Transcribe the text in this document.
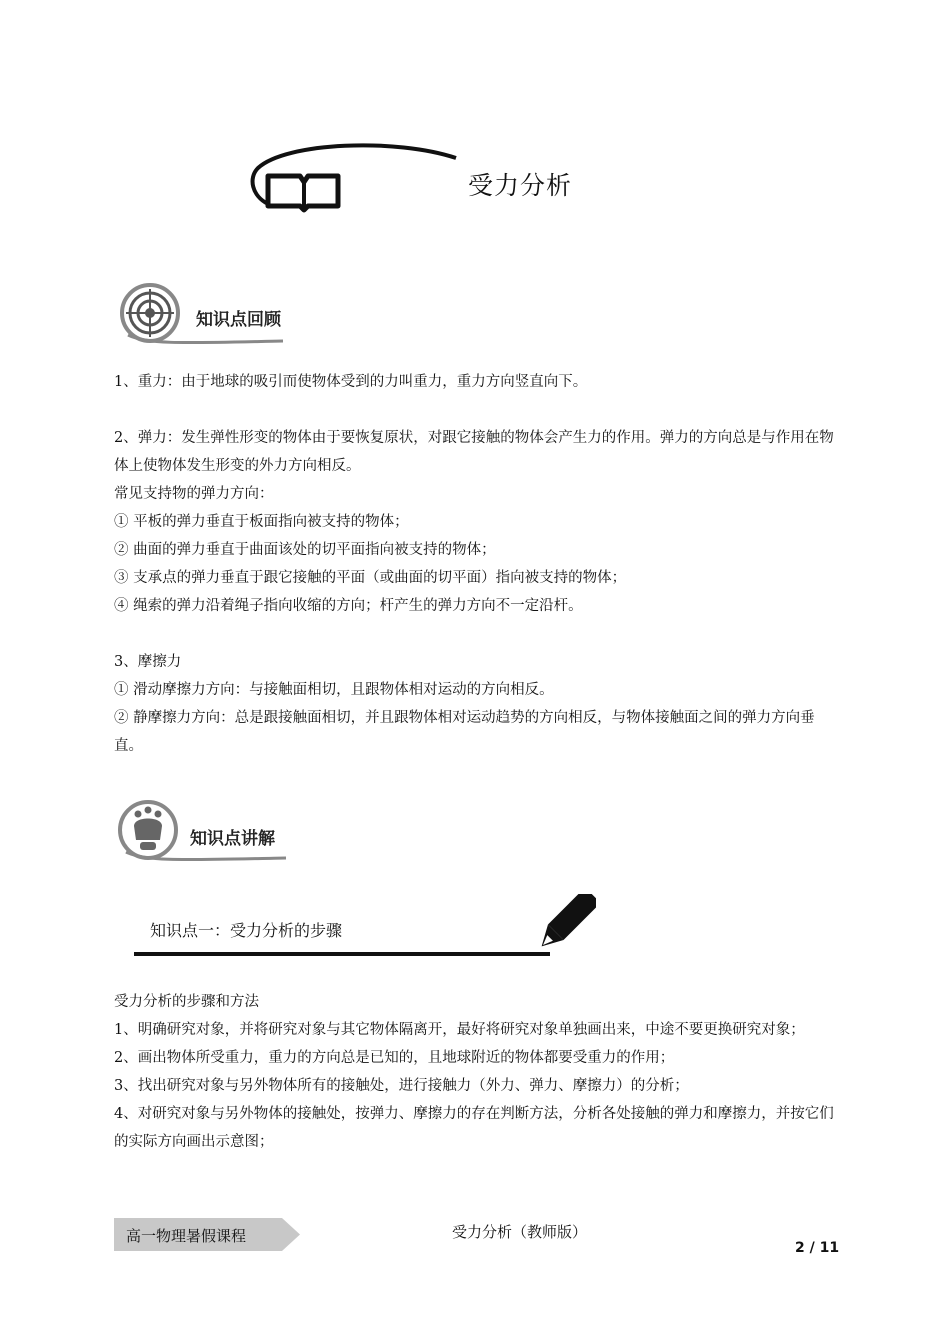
受力分析
知识点回顾
1、重力：由于地球的吸引而使物体受到的力叫重力，重力方向竖直向下。
2、弹力：发生弹性形变的物体由于要恢复原状，对跟它接触的物体会产生力的作用。弹力的方向总是与作用在物体上使物体发生形变的外力方向相反。
常见支持物的弹力方向：
① 平板的弹力垂直于板面指向被支持的物体；
② 曲面的弹力垂直于曲面该处的切平面指向被支持的物体；
③ 支承点的弹力垂直于跟它接触的平面（或曲面的切平面）指向被支持的物体；
④ 绳索的弹力沿着绳子指向收缩的方向；杆产生的弹力方向不一定沿杆。
3、摩擦力
① 滑动摩擦力方向：与接触面相切，且跟物体相对运动的方向相反。
② 静摩擦力方向：总是跟接触面相切，并且跟物体相对运动趋势的方向相反，与物体接触面之间的弹力方向垂直。
知识点讲解
知识点一：受力分析的步骤
受力分析的步骤和方法
1、明确研究对象，并将研究对象与其它物体隔离开，最好将研究对象单独画出来，中途不要更换研究对象；
2、画出物体所受重力，重力的方向总是已知的，且地球附近的物体都要受重力的作用；
3、找出研究对象与另外物体所有的接触处，进行接触力（外力、弹力、摩擦力）的分析；
4、对研究对象与另外物体的接触处，按弹力、摩擦力的存在判断方法，分析各处接触的弹力和摩擦力，并按它们的实际方向画出示意图；
高一物理暑假课程	受力分析（教师版）
2 / 11
